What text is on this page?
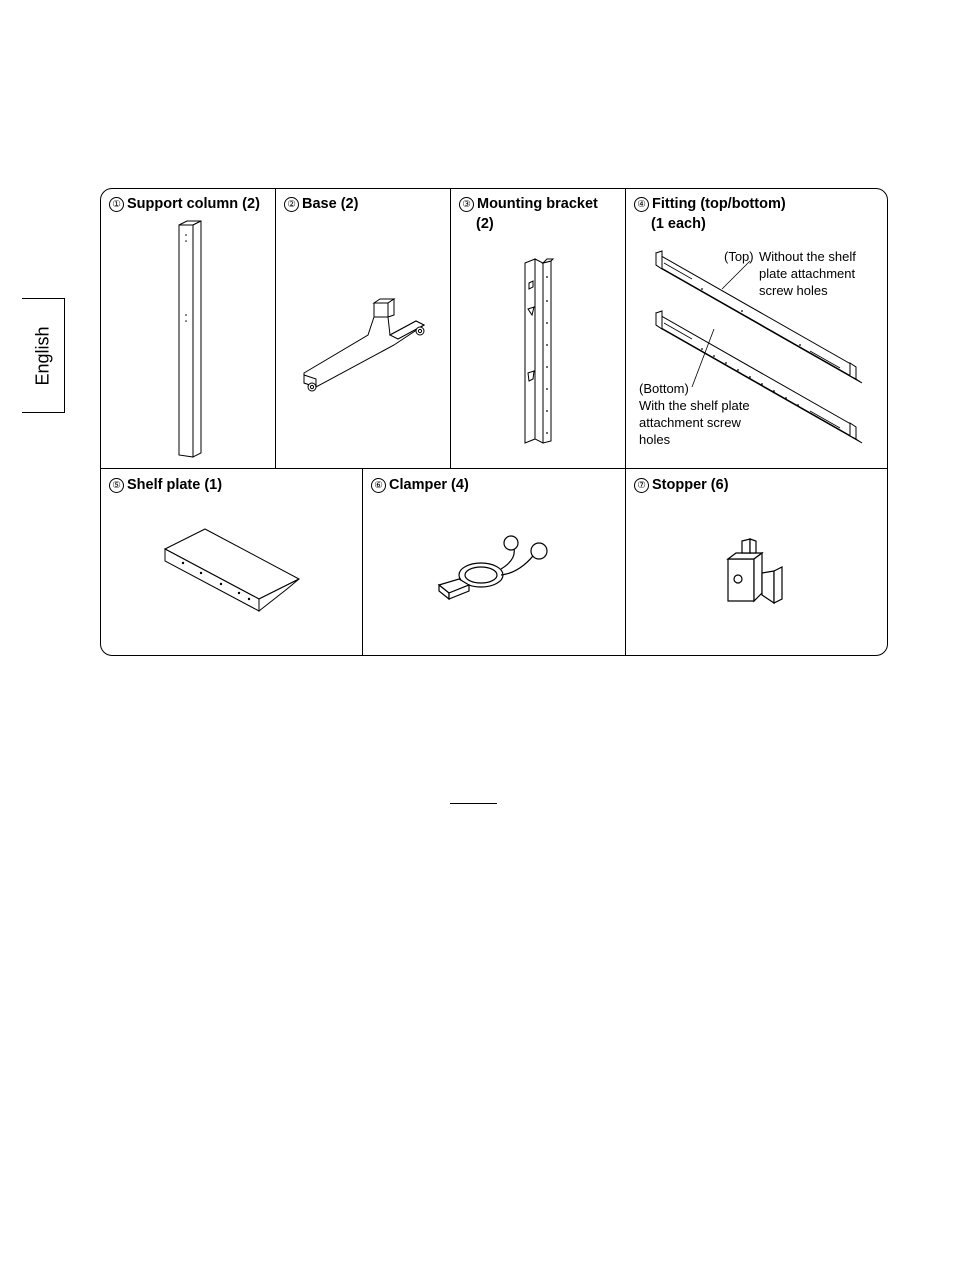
English
① Support column (2)	② Base (2)	③ Mounting bracket
(2)
④ Fitting (top/bottom)
(1 each)
(Top) Without the shelf
plate attachment
screw holes
(Bottom)
With the shelf plate
attachment screw
holes
⑤ Shelf plate (1)	⑥ Clamper (4)	⑦ Stopper (6)
